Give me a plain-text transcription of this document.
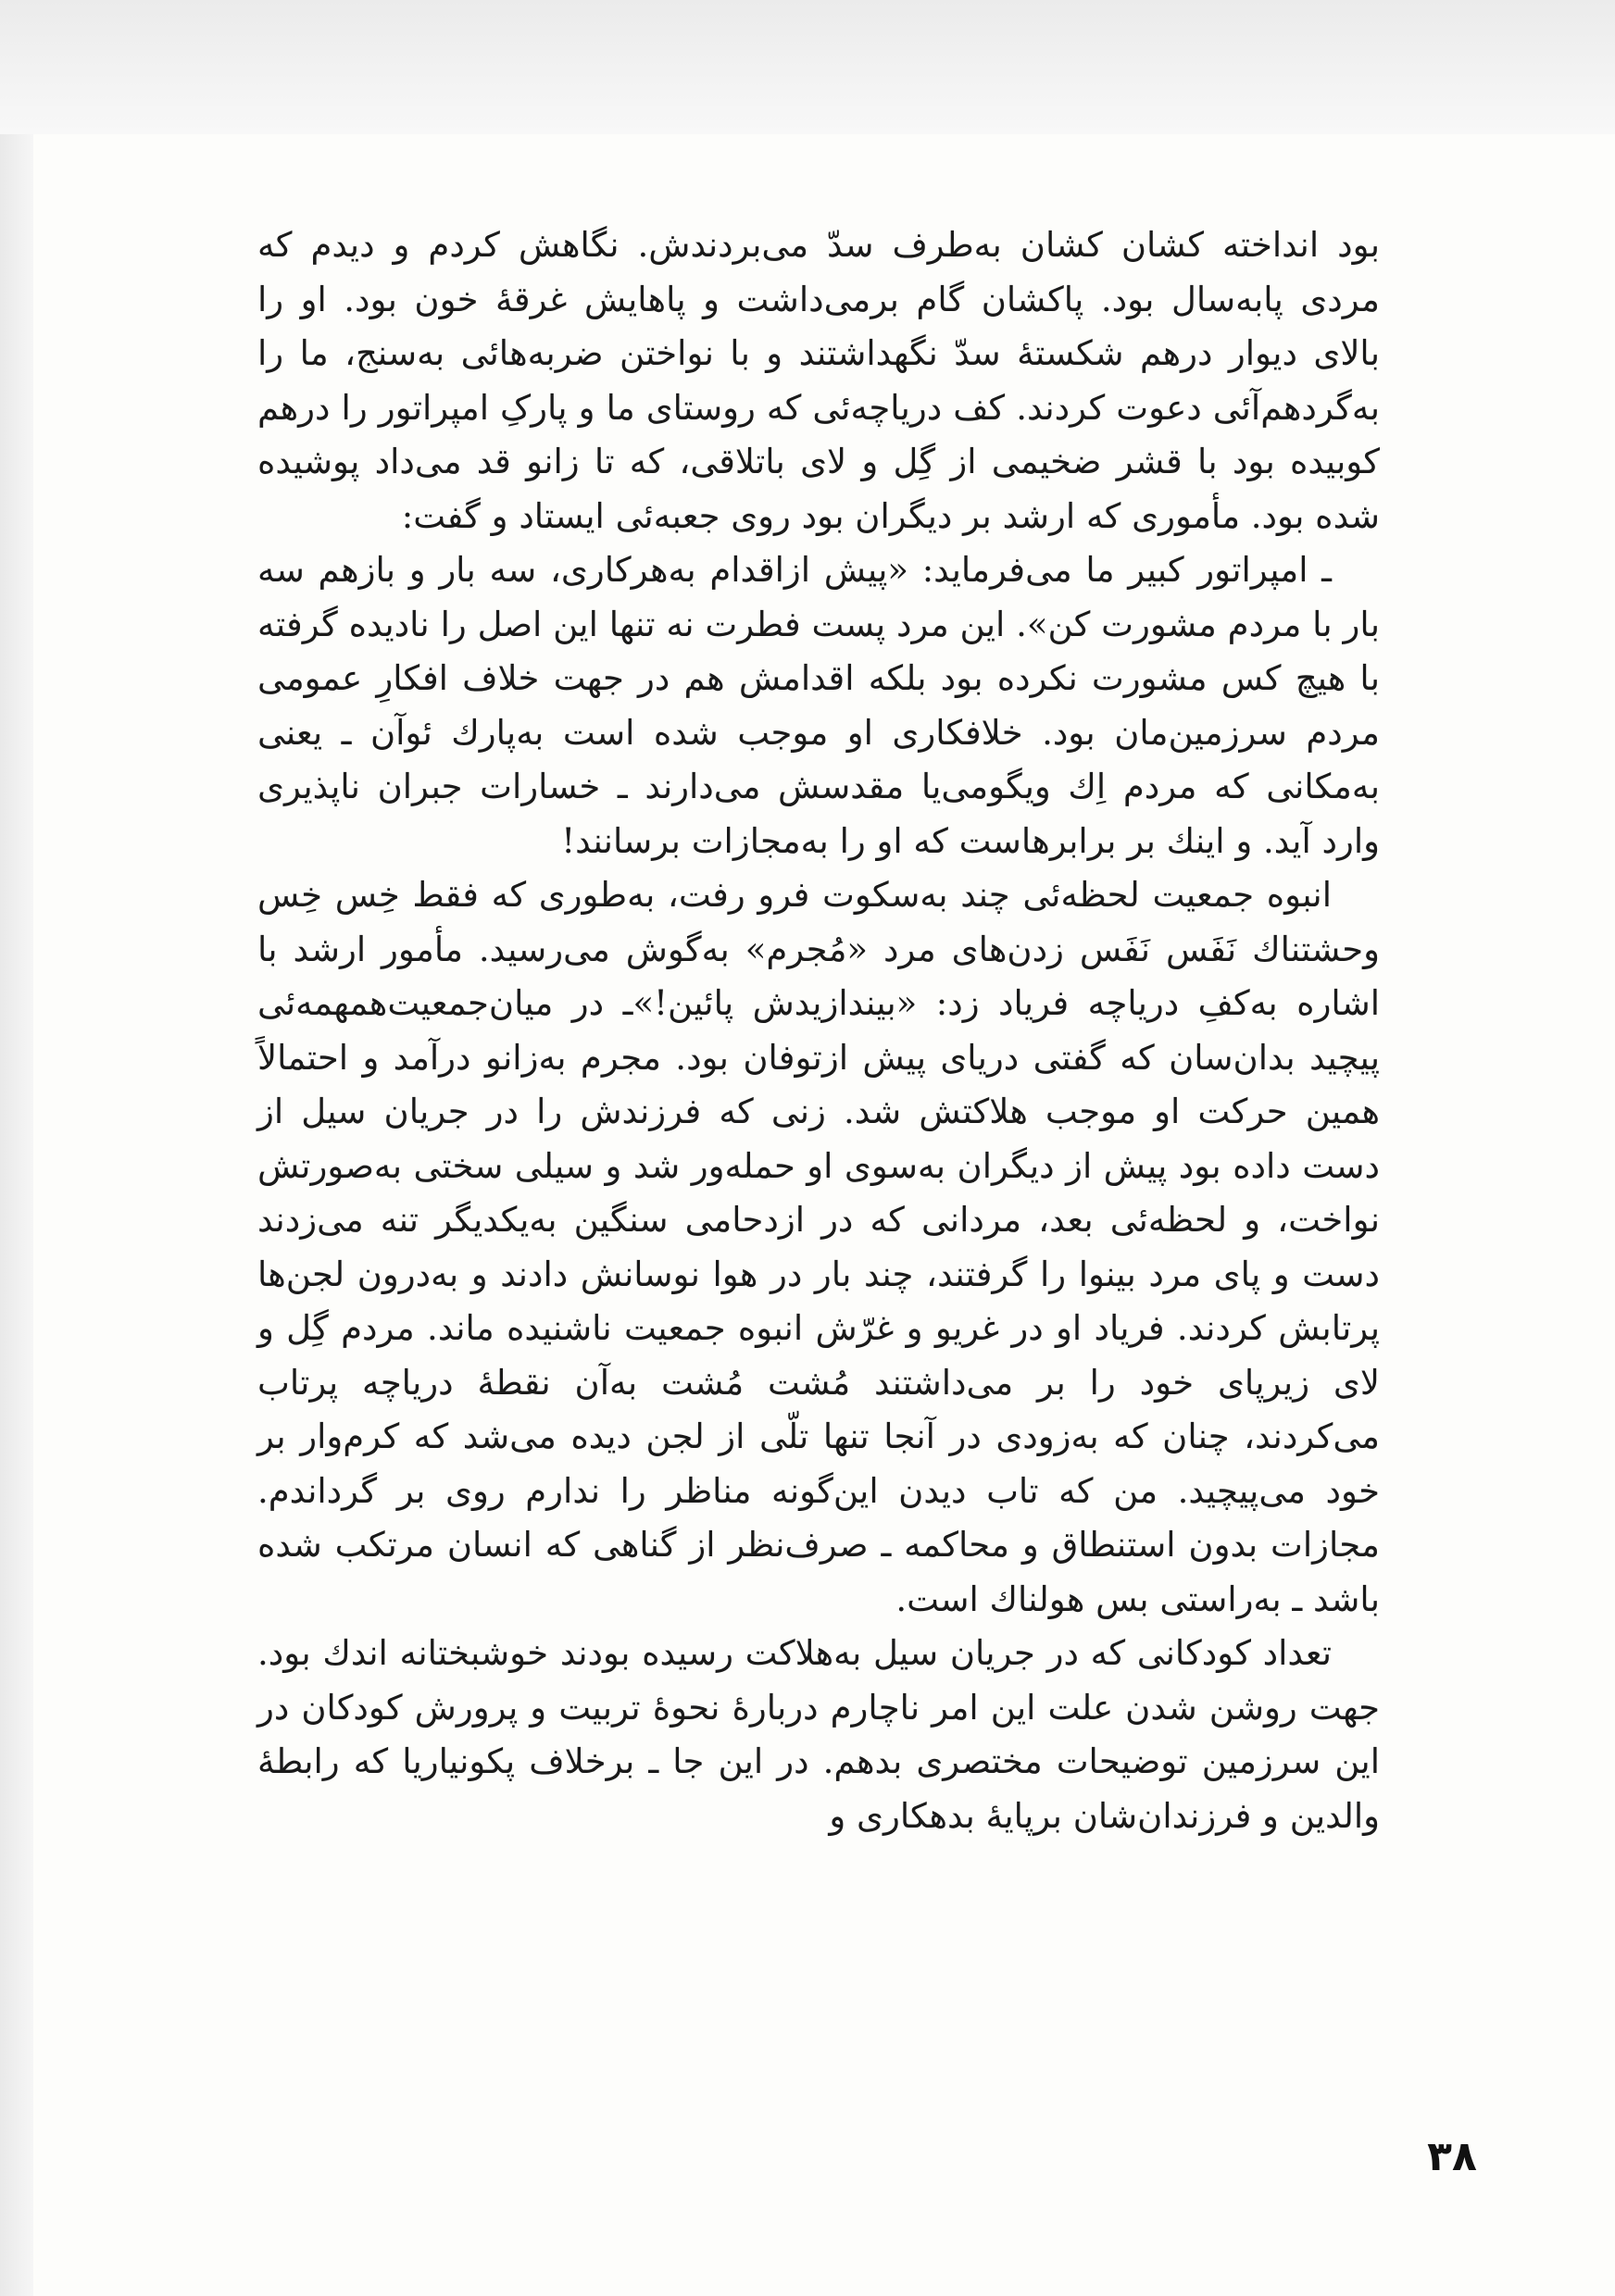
بود انداخته کشان کشان به‌طرف سدّ می‌بردندش. نگاهش کردم و دیدم که مردی پابه‌سال بود. پاکشان گام برمی‌داشت و پاهایش غرقهٔ خون بود. او را بالای دیوار درهم شکستهٔ سدّ نگهداشتند و با نواختن ضربه‌هائی به‌سنج، ما را به‌گردهم‌آئی دعوت کردند. کف دریاچه‌ئی که روستای ما و پارکِ امپراتور را درهم کوبیده بود با قشر ضخیمی از گِل و لای باتلاقی، که تا زانو قد می‌داد پوشیده شده بود. مأموری که ارشد بر دیگران بود روی جعبه‌ئی ایستاد و گفت:

ـ امپراتور کبیر ما می‌فرماید: «پیش ازاقدام به‌هرکاری، سه بار و بازهم سه بار با مردم مشورت کن». این مرد پست فطرت نه تنها این اصل را نادیده گرفته با هیچ کس مشورت نکرده بود بلکه اقدامش هم در جهت خلاف افکارِ عمومی مردم سرزمین‌مان بود. خلافکاری او موجب شده است به‌پارك ئوآن ـ یعنی به‌مکانی که مردم اِك ویگومی‌یا مقدسش می‌دارند ـ خسارات جبران ناپذیری وارد آید. و اینك بر برابرهاست که او را به‌مجازات برسانند!

انبوه جمعیت لحظه‌ئی چند به‌سکوت فرو رفت، به‌طوری که فقط خِس خِس وحشتناك نَفَس نَفَس زدن‌های مرد «مُجرم» به‌گوش می‌رسید. مأمور ارشد با اشاره به‌کفِ دریاچه فریاد زد: «بیندازیدش پائین!»ـ در میان‌جمعیت‌همهمه‌ئی پیچید بدان‌سان که گفتی دریای پیش ازتوفان بود. مجرم به‌زانو درآمد و احتمالاً همین حرکت او موجب هلاکتش شد. زنی که فرزندش را در جریان سیل از دست داده بود پیش از دیگران به‌سوی او حمله‌ور شد و سیلی سختی به‌صورتش نواخت، و لحظه‌ئی بعد، مردانی که در ازدحامی سنگین به‌یکدیگر تنه می‌زدند دست و پای مرد بینوا را گرفتند، چند بار در هوا نوسانش دادند و به‌درون لجن‌ها پرتابش کردند. فریاد او در غریو و غرّش انبوه جمعیت ناشنیده ماند. مردم گِل و لای زیرپای خود را بر می‌داشتند مُشت مُشت به‌آن نقطهٔ دریاچه پرتاب می‌کردند، چنان که به‌زودی در آنجا تنها تلّی از لجن دیده می‌شد که کرم‌وار بر خود می‌پیچید. من که تاب دیدن این‌گونه مناظر را ندارم روی بر گرداندم. مجازات بدون استنطاق و محاکمه ـ صرف‌نظر از گناهی که انسان مرتکب شده باشد ـ به‌راستی بس هولناك است.

تعداد کودکانی که در جریان سیل به‌هلاکت رسیده بودند خوشبختانه اندك بود. جهت روشن شدن علت این امر ناچارم دربارهٔ نحوهٔ تربیت و پرورش کودکان در این سرزمین توضیحات مختصری بدهم. در این جا ـ برخلاف پکونیاریا که رابطهٔ والدین و فرزندان‌شان برپایهٔ بدهکاری و

۳۸
